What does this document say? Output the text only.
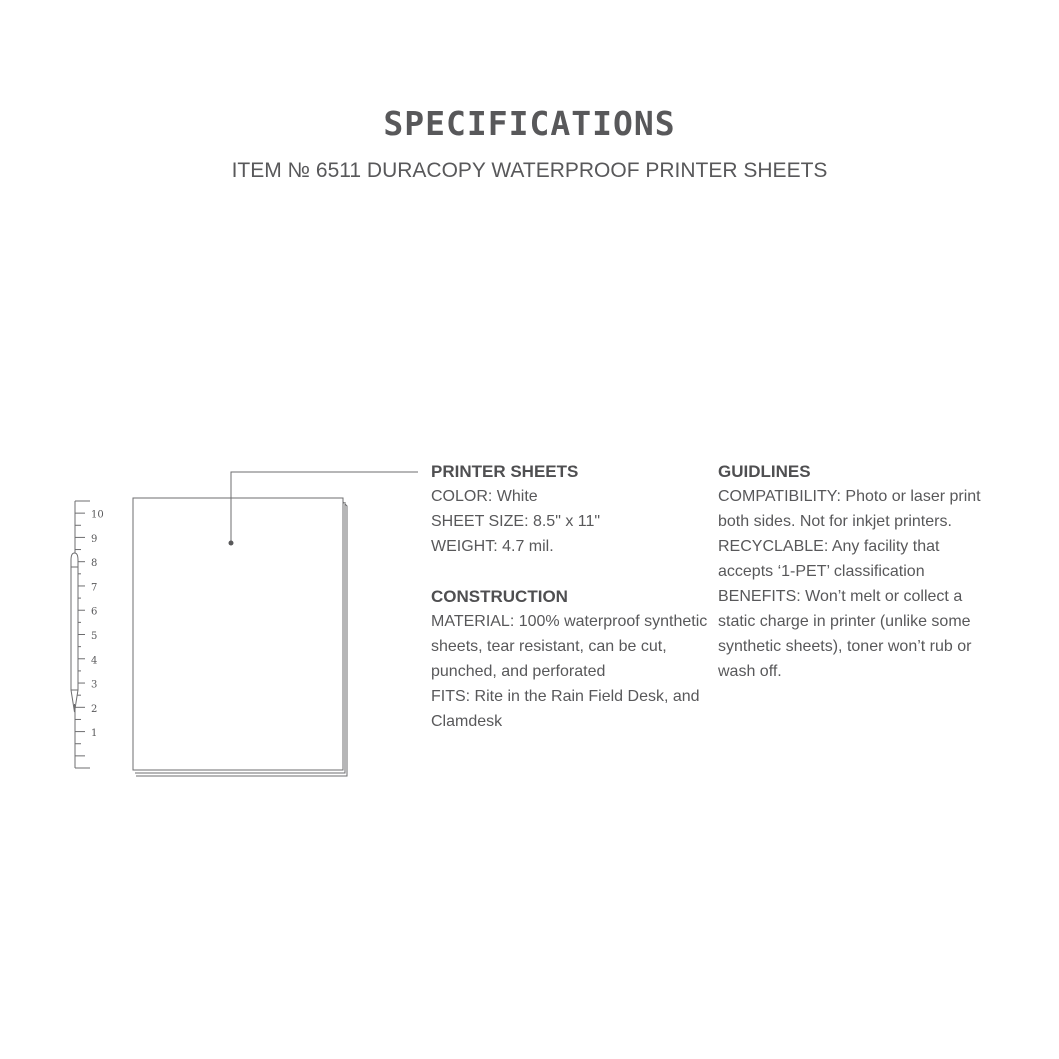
SPECIFICATIONS
ITEM № 6511 DURACOPY WATERPROOF PRINTER SHEETS
10
9
8
7
6
5
4
3
2
1
PRINTER SHEETS
COLOR: White
SHEET SIZE: 8.5" x 11"
WEIGHT: 4.7 mil.
CONSTRUCTION
MATERIAL: 100% waterproof synthetic
sheets, tear resistant, can be cut,
punched, and perforated
FITS: Rite in the Rain Field Desk, and
Clamdesk
GUIDLINES
COMPATIBILITY: Photo or laser print
both sides. Not for inkjet printers.
RECYCLABLE: Any facility that
accepts ‘1-PET’ classification
BENEFITS: Won’t melt or collect a
static charge in printer (unlike some
synthetic sheets), toner won’t rub or
wash off.
